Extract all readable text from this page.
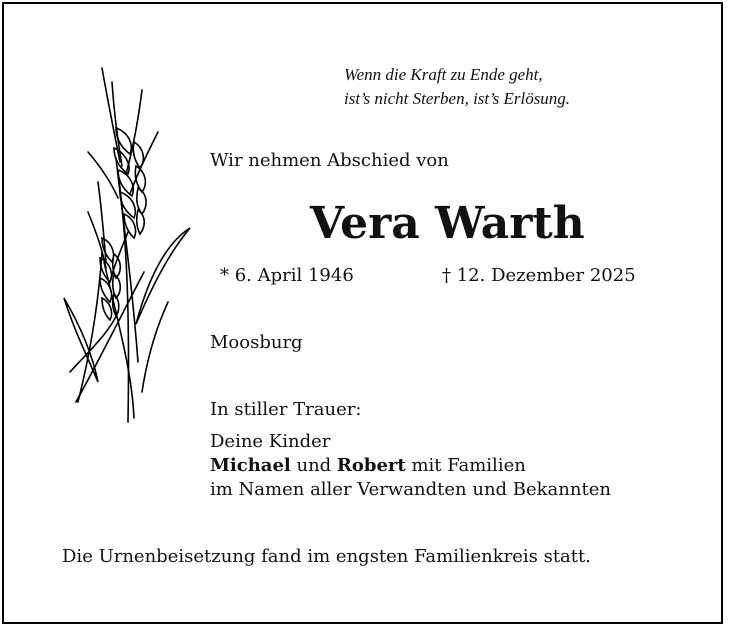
Wenn die Kraft zu Ende geht,
ist’s nicht Sterben, ist’s Erlösung.
Wir nehmen Abschied von
Vera Warth
* 6. April 1946	† 12. Dezember 2025
Moosburg
In stiller Trauer:
Deine Kinder
Michael und Robert mit Familien
im Namen aller Verwandten und Bekannten
Die Urnenbeisetzung fand im engsten Familienkreis statt.
